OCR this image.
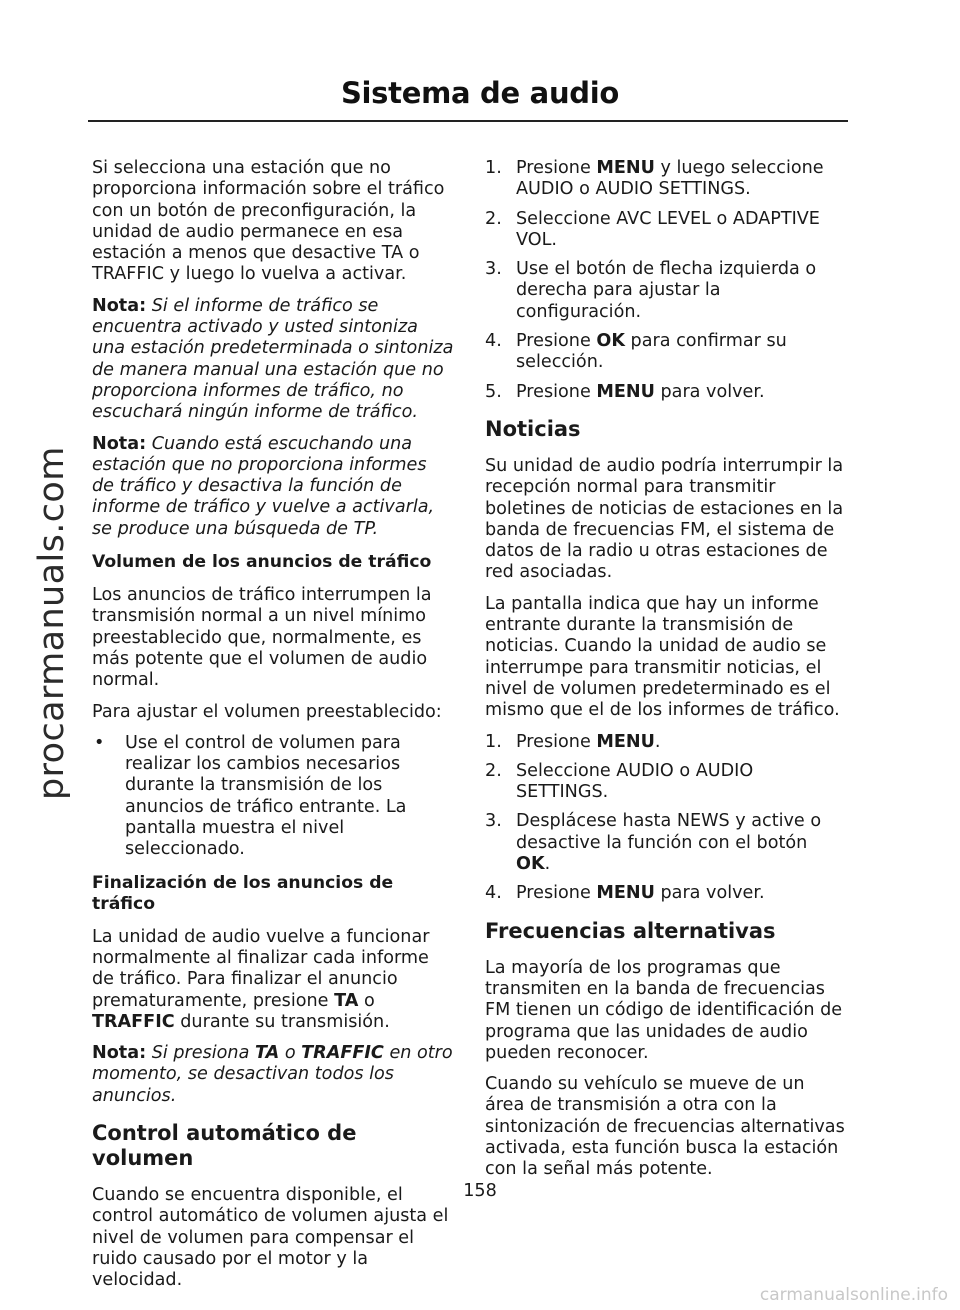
Sistema de audio
procarmanuals.com

Si selecciona una estación que no proporciona información sobre el tráfico con un botón de preconfiguración, la unidad de audio permanece en esa estación a menos que desactive TA o TRAFFIC y luego lo vuelva a activar.

Nota: Si el informe de tráfico se encuentra activado y usted sintoniza una estación predeterminada o sintoniza de manera manual una estación que no proporciona informes de tráfico, no escuchará ningún informe de tráfico.

Nota: Cuando está escuchando una estación que no proporciona informes de tráfico y desactiva la función de informe de tráfico y vuelve a activarla, se produce una búsqueda de TP.

Volumen de los anuncios de tráfico

Los anuncios de tráfico interrumpen la transmisión normal a un nivel mínimo preestablecido que, normalmente, es más potente que el volumen de audio normal.

Para ajustar el volumen preestablecido:

• Use el control de volumen para realizar los cambios necesarios durante la transmisión de los anuncios de tráfico entrante. La pantalla muestra el nivel seleccionado.
Finalización de los anuncios de tráfico

La unidad de audio vuelve a funcionar normalmente al finalizar cada informe de tráfico. Para finalizar el anuncio prematuramente, presione TA o TRAFFIC durante su transmisión.

Nota: Si presiona TA o TRAFFIC en otro momento, se desactivan todos los anuncios.

Control automático de volumen

Cuando se encuentra disponible, el control automático de volumen ajusta el nivel de volumen para compensar el ruido causado por el motor y la velocidad.

1. Presione MENU y luego seleccione AUDIO o AUDIO SETTINGS.
2. Seleccione AVC LEVEL o ADAPTIVE VOL.
3. Use el botón de flecha izquierda o derecha para ajustar la configuración.
4. Presione OK para confirmar su selección.
5. Presione MENU para volver.
Noticias

Su unidad de audio podría interrumpir la recepción normal para transmitir boletines de noticias de estaciones en la banda de frecuencias FM, el sistema de datos de la radio u otras estaciones de red asociadas.

La pantalla indica que hay un informe entrante durante la transmisión de noticias. Cuando la unidad de audio se interrumpe para transmitir noticias, el nivel de volumen predeterminado es el mismo que el de los informes de tráfico.

1. Presione MENU.
2. Seleccione AUDIO o AUDIO SETTINGS.
3. Desplácese hasta NEWS y active o desactive la función con el botón OK.
4. Presione MENU para volver.
Frecuencias alternativas

La mayoría de los programas que transmiten en la banda de frecuencias FM tienen un código de identificación de programa que las unidades de audio pueden reconocer.

Cuando su vehículo se mueve de un área de transmisión a otra con la sintonización de frecuencias alternativas activada, esta función busca la estación con la señal más potente.

158
carmanualsonline.info
